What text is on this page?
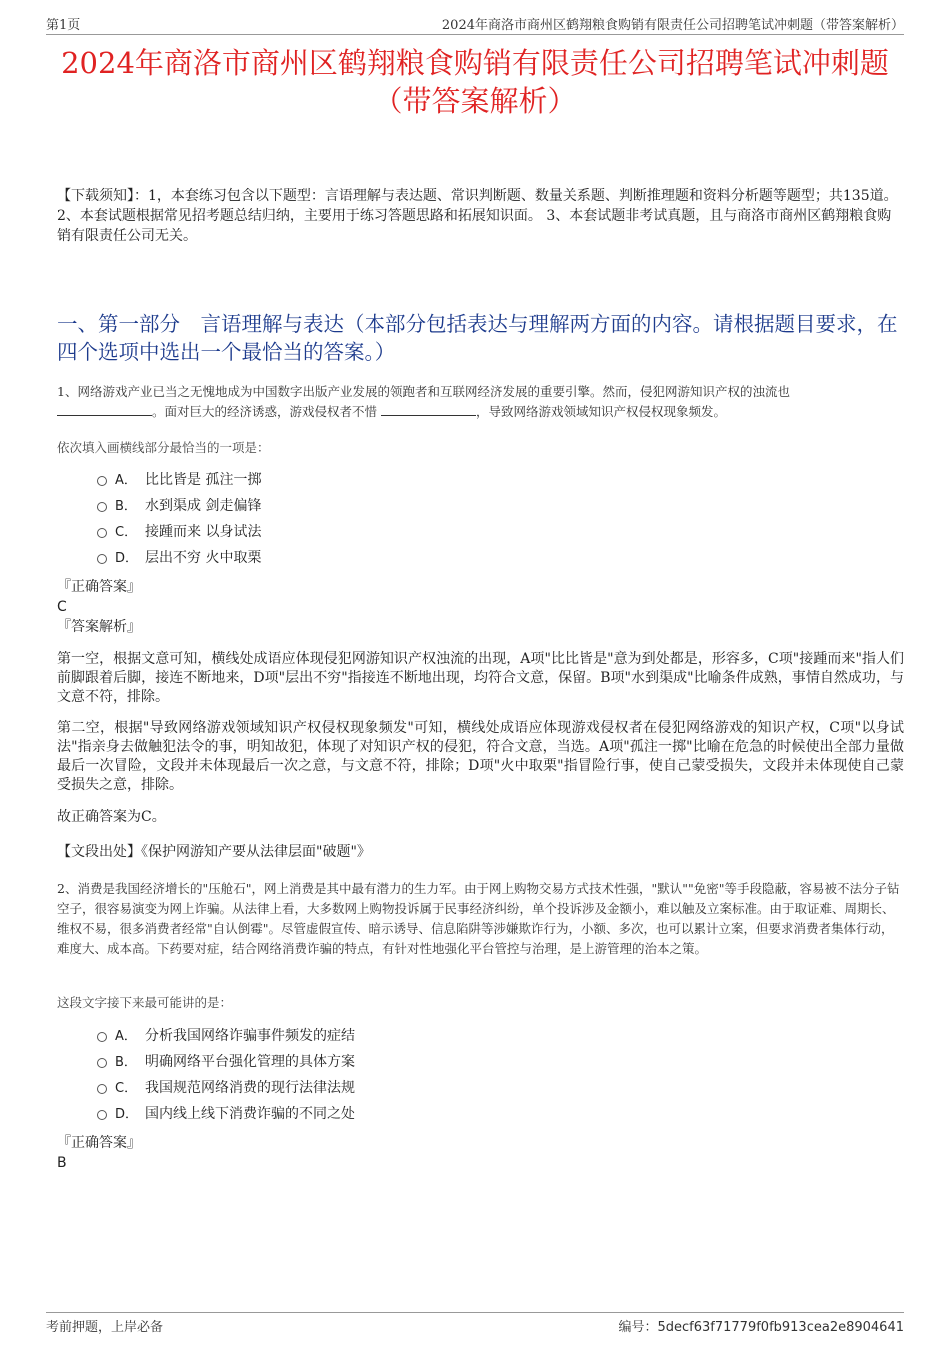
第1页	2024年商洛市商州区鹤翔粮食购销有限责任公司招聘笔试冲刺题（带答案解析）
2024年商洛市商州区鹤翔粮食购销有限责任公司招聘笔试冲刺题（带答案解析）
【下载须知】：1，本套练习包含以下题型：言语理解与表达题、常识判断题、数量关系题、判断推理题和资料分析题等题型；共135道。 2、本套试题根据常见招考题总结归纳，主要用于练习答题思路和拓展知识面。 3、本套试题非考试真题，且与商洛市商州区鹤翔粮食购销有限责任公司无关。
一、第一部分　言语理解与表达（本部分包括表达与理解两方面的内容。请根据题目要求，在四个选项中选出一个最恰当的答案。）
1、网络游戏产业已当之无愧地成为中国数字出版产业发展的领跑者和互联网经济发展的重要引擎。然而，侵犯网游知识产权的浊流也
。面对巨大的经济诱惑，游戏侵权者不惜	，导致网络游戏领域知识产权侵权现象频发。
依次填入画横线部分最恰当的一项是：
A． 比比皆是 孤注一掷
B． 水到渠成 剑走偏锋
C． 接踵而来 以身试法
D． 层出不穷 火中取栗
『正确答案』
C
『答案解析』
第一空，根据文意可知，横线处成语应体现侵犯网游知识产权浊流的出现，A项"比比皆是"意为到处都是，形容多，C项"接踵而来"指人们前脚跟着后脚，接连不断地来，D项"层出不穷"指接连不断地出现，均符合文意，保留。B项"水到渠成"比喻条件成熟，事情自然成功，与文意不符，排除。
第二空，根据"导致网络游戏领域知识产权侵权现象频发"可知，横线处成语应体现游戏侵权者在侵犯网络游戏的知识产权，C项"以身试法"指亲身去做触犯法令的事，明知故犯，体现了对知识产权的侵犯，符合文意，当选。A项"孤注一掷"比喻在危急的时候使出全部力量做最后一次冒险，文段并未体现最后一次之意，与文意不符，排除；D项"火中取栗"指冒险行事，使自己蒙受损失，文段并未体现使自己蒙受损失之意，排除。
故正确答案为C。
【文段出处】《保护网游知产要从法律层面"破题"》
2、消费是我国经济增长的"压舱石"，网上消费是其中最有潜力的生力军。由于网上购物交易方式技术性强，"默认""免密"等手段隐蔽，容易被不法分子钻空子，很容易演变为网上诈骗。从法律上看，大多数网上购物投诉属于民事经济纠纷，单个投诉涉及金额小，难以触及立案标准。由于取证难、周期长、维权不易，很多消费者经常"自认倒霉"。尽管虚假宣传、暗示诱导、信息陷阱等涉嫌欺诈行为，小额、多次，也可以累计立案，但要求消费者集体行动，难度大、成本高。下药要对症，结合网络消费诈骗的特点，有针对性地强化平台管控与治理，是上游管理的治本之策。
这段文字接下来最可能讲的是：
A． 分析我国网络诈骗事件频发的症结
B． 明确网络平台强化管理的具体方案
C． 我国规范网络消费的现行法律法规
D． 国内线上线下消费诈骗的不同之处
『正确答案』
B
考前押题，上岸必备	编号：5decf63f71779f0fb913cea2e8904641
